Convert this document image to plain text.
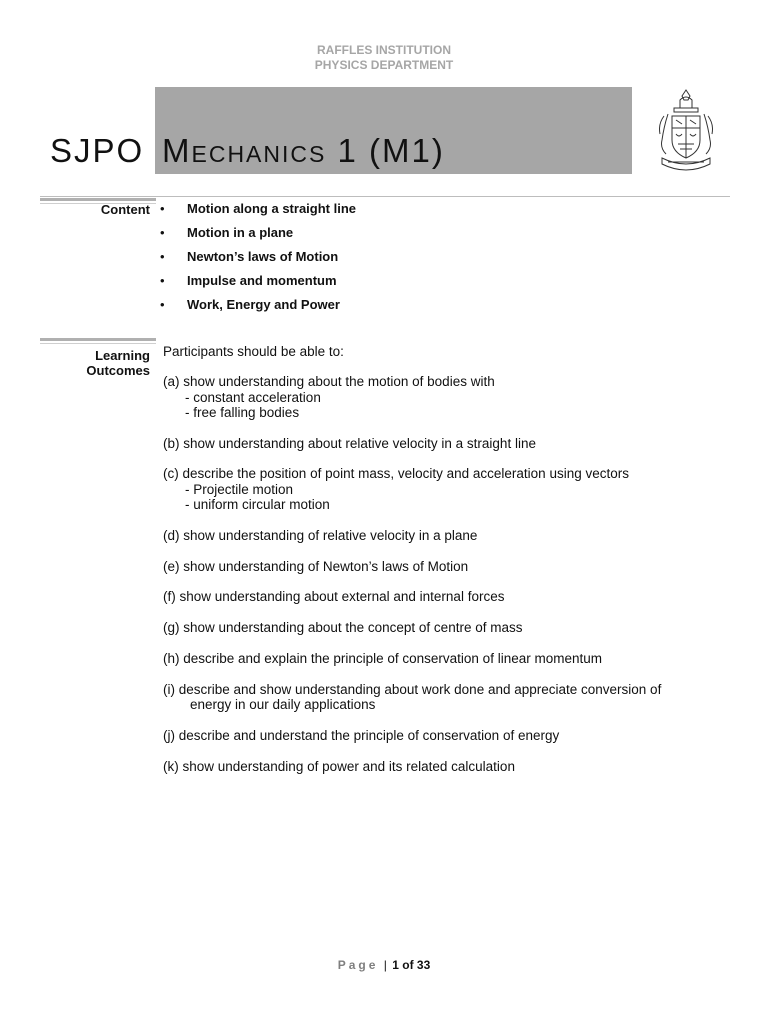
RAFFLES INSTITUTION
PHYSICS DEPARTMENT
SJPO Mechanics 1 (M1)
Content • Motion along a straight line
• Motion in a plane
• Newton’s laws of Motion
• Impulse and momentum
• Work, Energy and Power
Learning
Outcomes

Participants should be able to:

(a) show understanding about the motion of bodies with
- constant acceleration
- free falling bodies
(b) show understanding about relative velocity in a straight line
(c) describe the position of point mass, velocity and acceleration using vectors
- Projectile motion
- uniform circular motion
(d) show understanding of relative velocity in a plane
(e) show understanding of Newton’s laws of Motion
(f) show understanding about external and internal forces
(g) show understanding about the concept of centre of mass
(h) describe and explain the principle of conservation of linear momentum
(i) describe and show understanding about work done and appreciate conversion of
energy in our daily applications
(j) describe and understand the principle of conservation of energy
(k) show understanding of power and its related calculation
Page | 1 of 33
